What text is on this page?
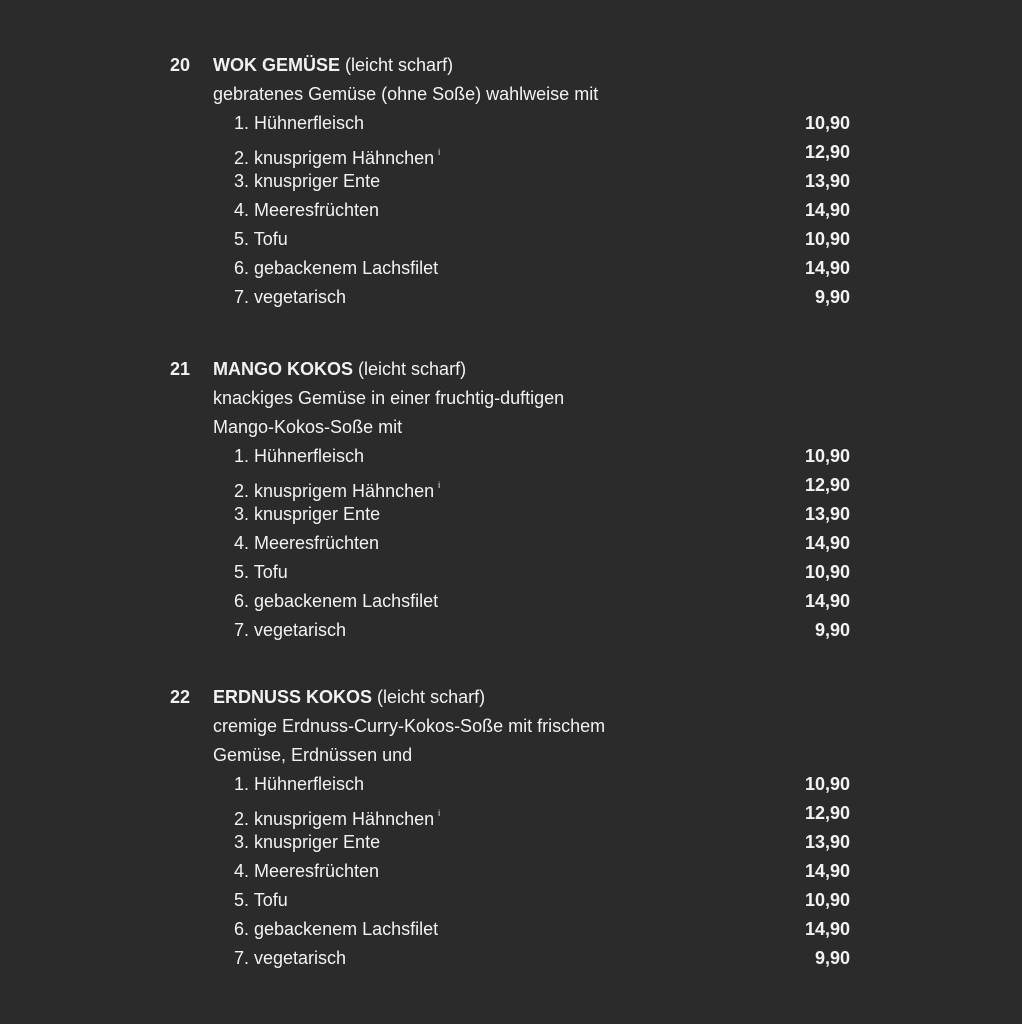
20 WOK GEMÜSE (leicht scharf)
gebratenes Gemüse (ohne Soße) wahlweise mit
1. Hühnerfleisch	10,90
2. knusprigem Hähnchen $^i$	12,90
3. knuspriger Ente	13,90
4. Meeresfrüchten	14,90
5. Tofu	10,90
6. gebackenem Lachsfilet	14,90
7. vegetarisch	9,90
21 MANGO KOKOS (leicht scharf)
knackiges Gemüse in einer fruchtig-duftigen
Mango-Kokos-Soße mit
1. Hühnerfleisch	10,90
2. knusprigem Hähnchen $^i$	12,90
3. knuspriger Ente	13,90
4. Meeresfrüchten	14,90
5. Tofu	10,90
6. gebackenem Lachsfilet	14,90
7. vegetarisch	9,90
22 ERDNUSS KOKOS (leicht scharf)
cremige Erdnuss-Curry-Kokos-Soße mit frischem
Gemüse, Erdnüssen und
1. Hühnerfleisch	10,90
2. knusprigem Hähnchen $^i$	12,90
3. knuspriger Ente	13,90
4. Meeresfrüchten	14,90
5. Tofu	10,90
6. gebackenem Lachsfilet	14,90
7. vegetarisch	9,90
